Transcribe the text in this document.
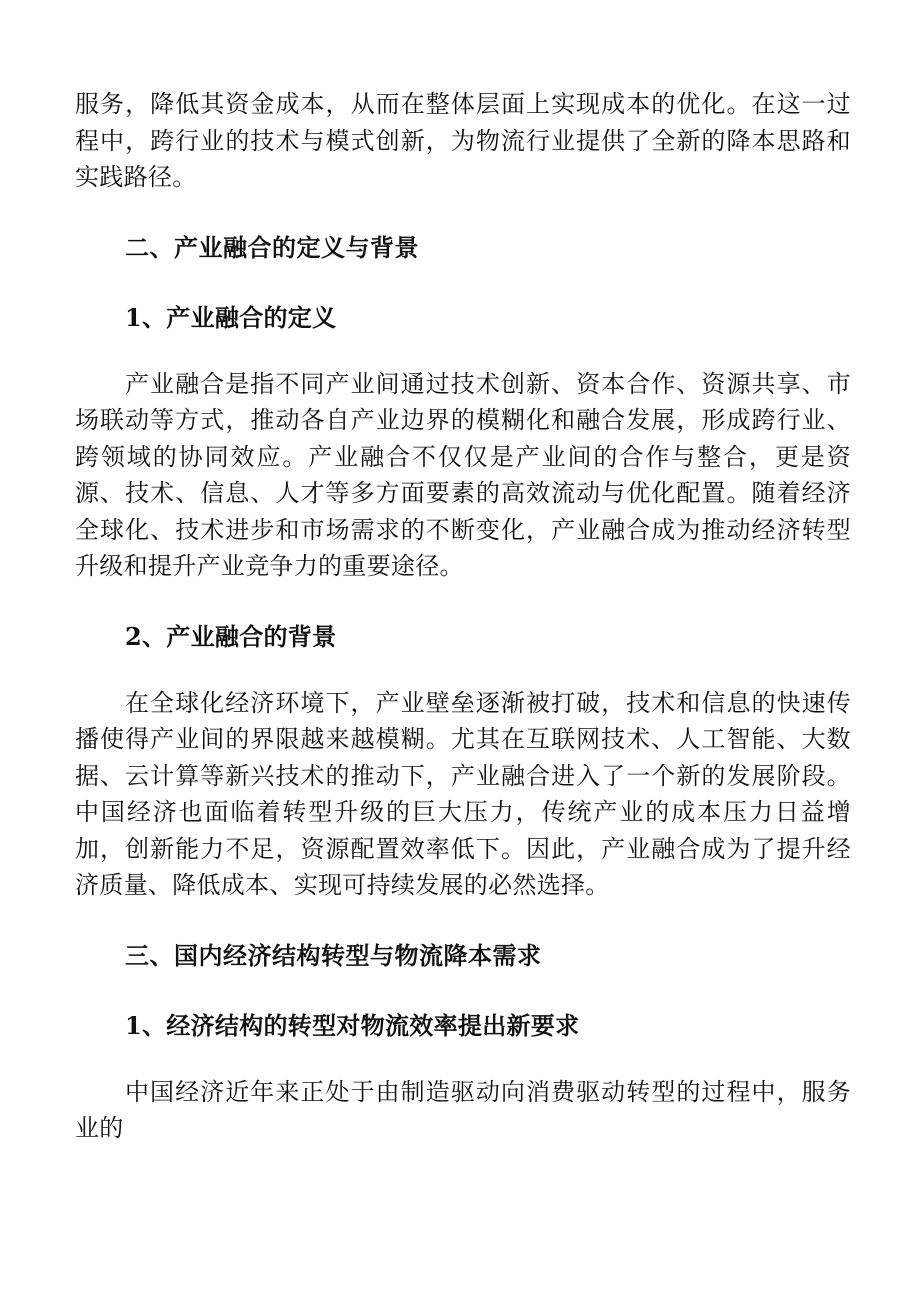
服务，降低其资金成本，从而在整体层面上实现成本的优化。在这一过程中，跨行业的技术与模式创新，为物流行业提供了全新的降本思路和实践路径。

二、产业融合的定义与背景
1、产业融合的定义

产业融合是指不同产业间通过技术创新、资本合作、资源共享、市场联动等方式，推动各自产业边界的模糊化和融合发展，形成跨行业、跨领域的协同效应。产业融合不仅仅是产业间的合作与整合，更是资源、技术、信息、人才等多方面要素的高效流动与优化配置。随着经济全球化、技术进步和市场需求的不断变化，产业融合成为推动经济转型升级和提升产业竞争力的重要途径。

2、产业融合的背景

在全球化经济环境下，产业壁垒逐渐被打破，技术和信息的快速传播使得产业间的界限越来越模糊。尤其在互联网技术、人工智能、大数据、云计算等新兴技术的推动下，产业融合进入了一个新的发展阶段。中国经济也面临着转型升级的巨大压力，传统产业的成本压力日益增加，创新能力不足，资源配置效率低下。因此，产业融合成为了提升经济质量、降低成本、实现可持续发展的必然选择。

三、国内经济结构转型与物流降本需求
1、经济结构的转型对物流效率提出新要求

中国经济近年来正处于由制造驱动向消费驱动转型的过程中，服务业的
